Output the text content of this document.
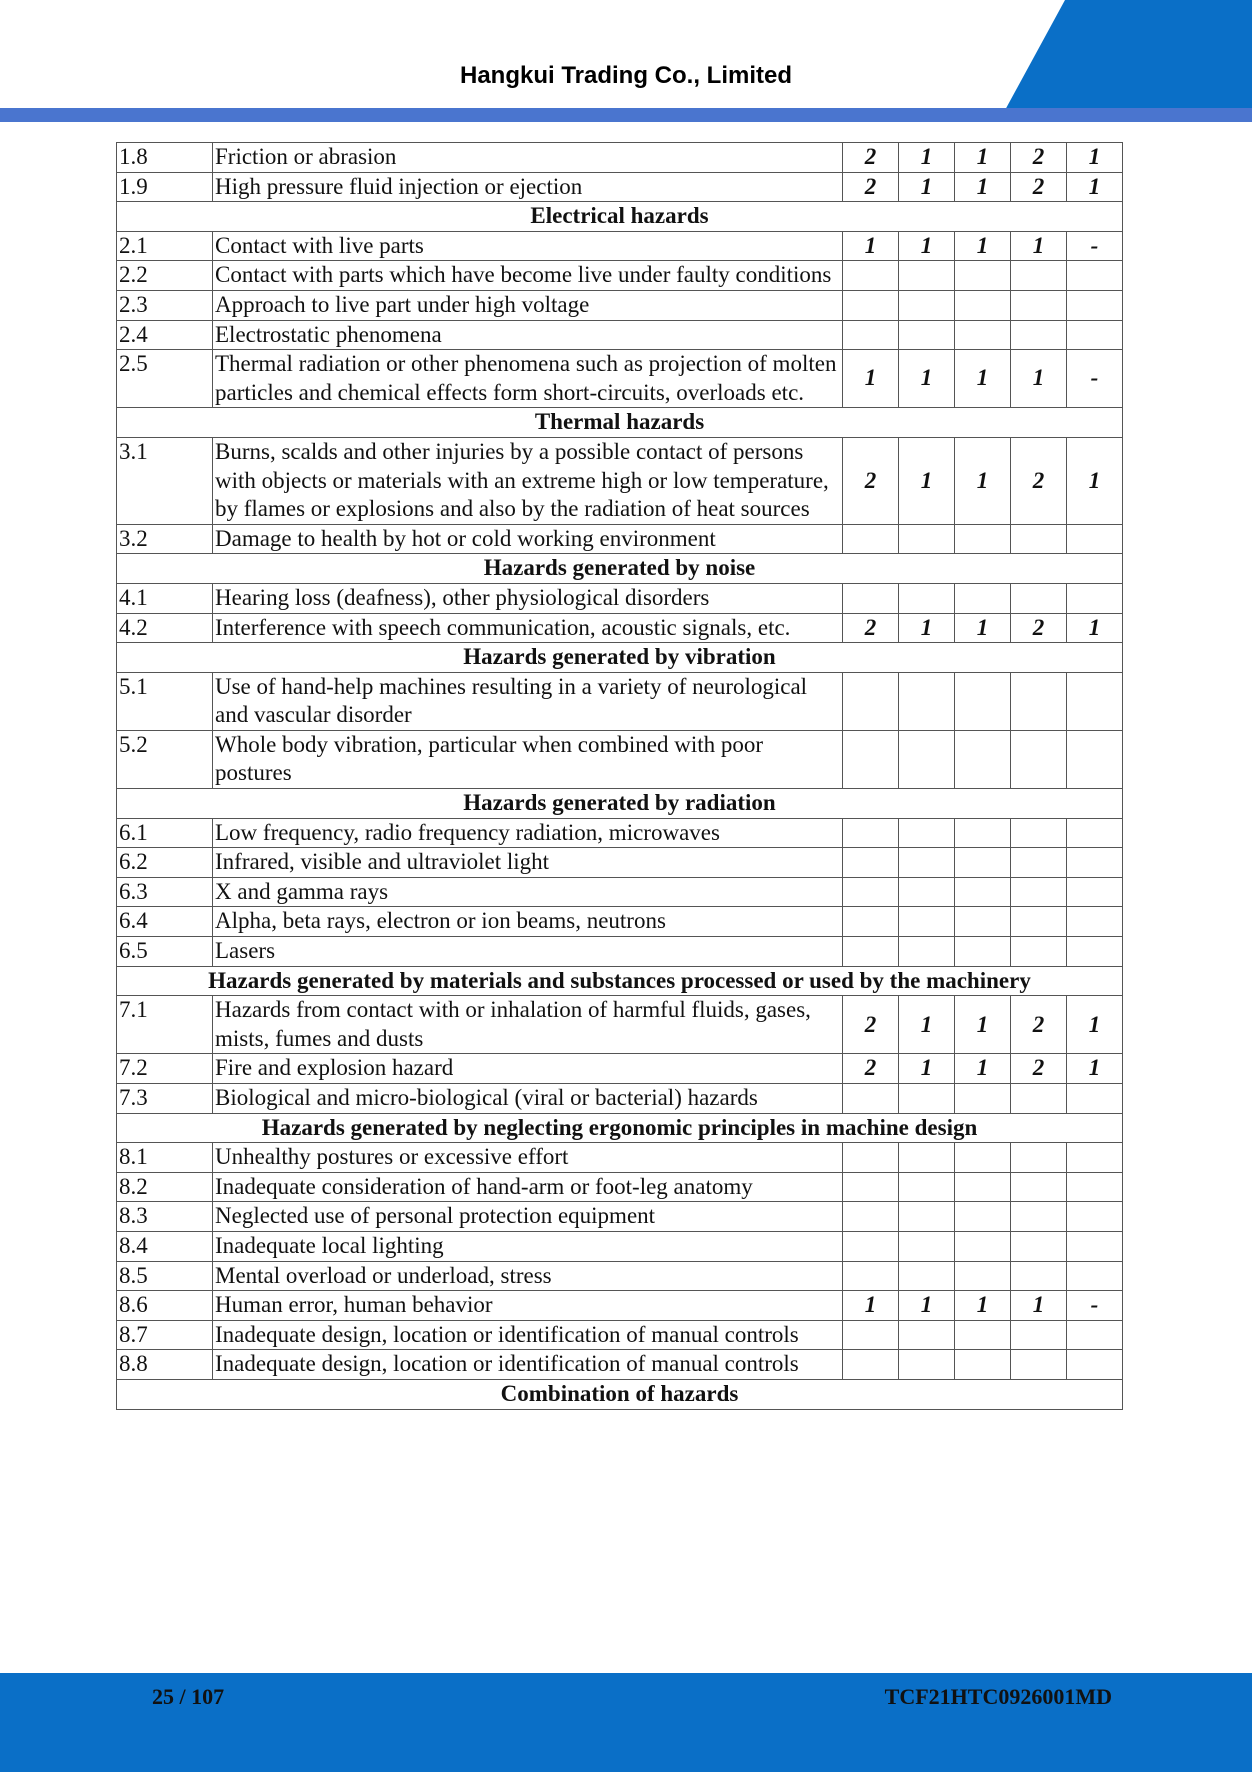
Hangkui Trading Co., Limited
1.8	Friction or abrasion	2	1	1	2	1
1.9	High pressure fluid injection or ejection	2	1	1	2	1
Electrical hazards						
2.1	Contact with live parts	1	1	1	1	-
2.2	Contact with parts which have become live under faulty conditions					
2.3	Approach to live part under high voltage					
2.4	Electrostatic phenomena					
2.5	Thermal radiation or other phenomena such as projection of molten particles and chemical effects form short-circuits, overloads etc.	1	1	1	1	-
Thermal hazards						
3.1	Burns, scalds and other injuries by a possible contact of persons with objects or materials with an extreme high or low temperature, by flames or explosions and also by the radiation of heat sources	2	1	1	2	1
3.2	Damage to health by hot or cold working environment					
Hazards generated by noise						
4.1	Hearing loss (deafness), other physiological disorders					
4.2	Interference with speech communication, acoustic signals, etc.	2	1	1	2	1
Hazards generated by vibration						
5.1	Use of hand-help machines resulting in a variety of neurological and vascular disorder					
5.2	Whole body vibration, particular when combined with poor postures					
Hazards generated by radiation						
6.1	Low frequency, radio frequency radiation, microwaves					
6.2	Infrared, visible and ultraviolet light					
6.3	X and gamma rays					
6.4	Alpha, beta rays, electron or ion beams, neutrons					
6.5	Lasers					
Hazards generated by materials and substances processed or used by the machinery						
7.1	Hazards from contact with or inhalation of harmful fluids, gases, mists, fumes and dusts	2	1	1	2	1
7.2	Fire and explosion hazard	2	1	1	2	1
7.3	Biological and micro-biological (viral or bacterial) hazards					
Hazards generated by neglecting ergonomic principles in machine design						
8.1	Unhealthy postures or excessive effort					
8.2	Inadequate consideration of hand-arm or foot-leg anatomy					
8.3	Neglected use of personal protection equipment					
8.4	Inadequate local lighting					
8.5	Mental overload or underload, stress					
8.6	Human error, human behavior	1	1	1	1	-
8.7	Inadequate design, location or identification of manual controls					
8.8	Inadequate design, location or identification of manual controls					
Combination of hazards						
25 / 107	TCF21HTC0926001MD
